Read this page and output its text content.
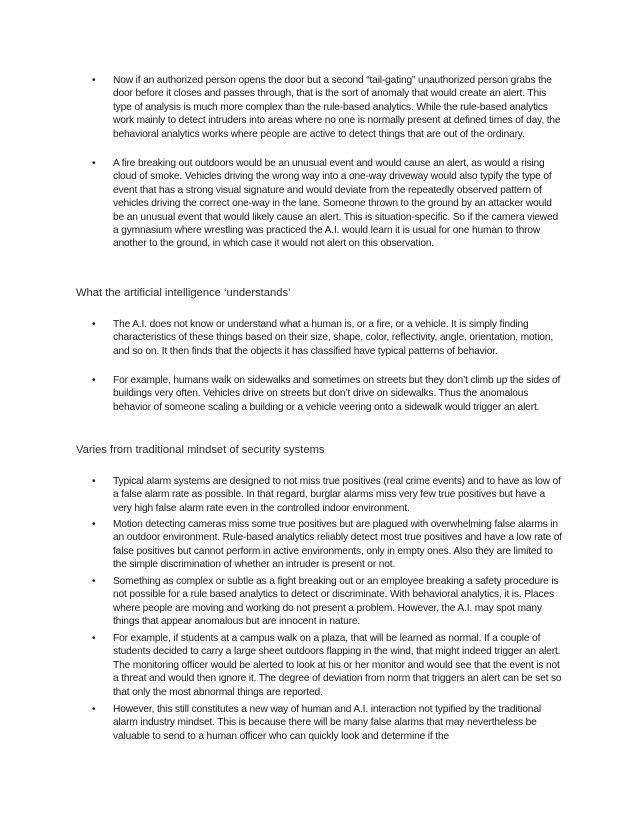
• Now if an authorized person opens the door but a second “tail-gating” unauthorized person grabs the door before it closes and passes through, that is the sort of anomaly that would create an alert. This type of analysis is much more complex than the rule-based analytics. While the rule-based analytics work mainly to detect intruders into areas where no one is normally present at defined times of day, the behavioral analytics works where people are active to detect things that are out of the ordinary.
• A fire breaking out outdoors would be an unusual event and would cause an alert, as would a rising cloud of smoke. Vehicles driving the wrong way into a one-way driveway would also typify the type of event that has a strong visual signature and would deviate from the repeatedly observed pattern of vehicles driving the correct one-way in the lane. Someone thrown to the ground by an attacker would be an unusual event that would likely cause an alert. This is situation-specific. So if the camera viewed a gymnasium where wrestling was practiced the A.I. would learn it is usual for one human to throw another to the ground, in which case it would not alert on this observation.
What the artificial intelligence ‘understands’
• The A.I. does not know or understand what a human is, or a fire, or a vehicle. It is simply finding characteristics of these things based on their size, shape, color, reflectivity, angle, orientation, motion, and so on. It then finds that the objects it has classified have typical patterns of behavior.
• For example, humans walk on sidewalks and sometimes on streets but they don’t climb up the sides of buildings very often. Vehicles drive on streets but don’t drive on sidewalks. Thus the anomalous behavior of someone scaling a building or a vehicle veering onto a sidewalk would trigger an alert.
Varies from traditional mindset of security systems
• Typical alarm systems are designed to not miss true positives (real crime events) and to have as low of a false alarm rate as possible. In that regard, burglar alarms miss very few true positives but have a very high false alarm rate even in the controlled indoor environment.
• Motion detecting cameras miss some true positives but are plagued with overwhelming false alarms in an outdoor environment. Rule-based analytics reliably detect most true positives and have a low rate of false positives but cannot perform in active environments, only in empty ones. Also they are limited to the simple discrimination of whether an intruder is present or not.
• Something as complex or subtle as a fight breaking out or an employee breaking a safety procedure is not possible for a rule based analytics to detect or discriminate. With behavioral analytics, it is. Places where people are moving and working do not present a problem. However, the A.I. may spot many things that appear anomalous but are innocent in nature.
• For example, if students at a campus walk on a plaza, that will be learned as normal. If a couple of students decided to carry a large sheet outdoors flapping in the wind, that might indeed trigger an alert. The monitoring officer would be alerted to look at his or her monitor and would see that the event is not a threat and would then ignore it. The degree of deviation from norm that triggers an alert can be set so that only the most abnormal things are reported.
• However, this still constitutes a new way of human and A.I. interaction not typified by the traditional alarm industry mindset. This is because there will be many false alarms that may nevertheless be valuable to send to a human officer who can quickly look and determine if the
